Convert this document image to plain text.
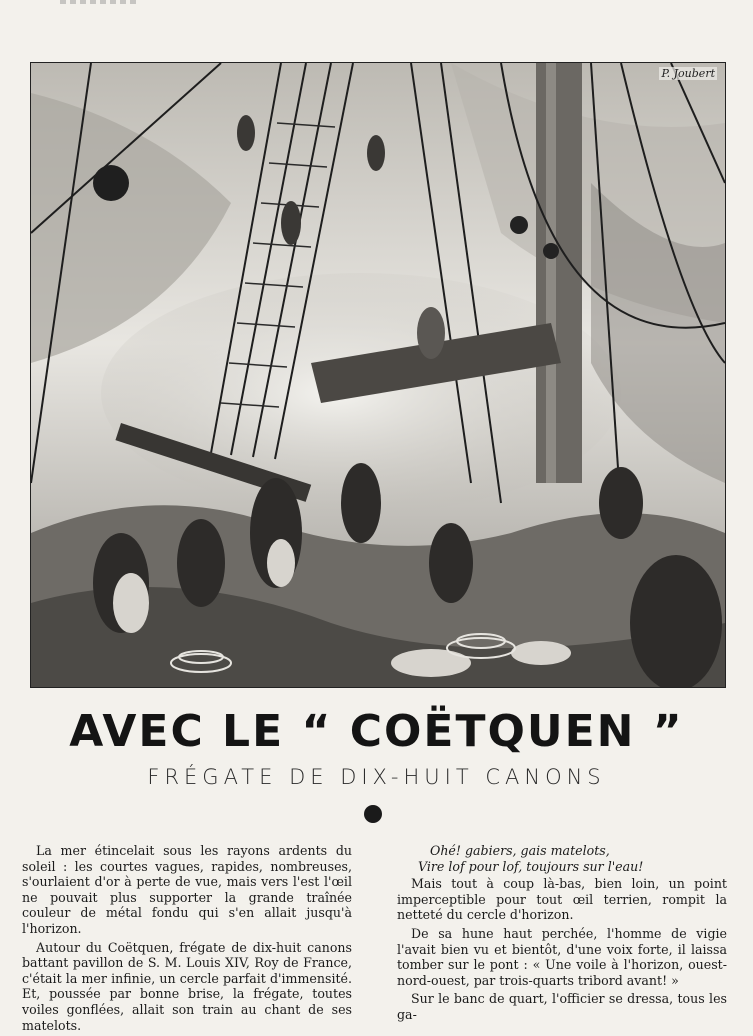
P. Joubert
AVEC LE “ COËTQUEN ”
FRÉGATE DE DIX-HUIT CANONS

La mer étincelait sous les rayons ardents du soleil : les courtes vagues, rapides, nombreuses, s'ourlaient d'or à perte de vue, mais vers l'est l'œil ne pouvait plus supporter la grande traînée couleur de métal fondu qui s'en allait jusqu'à l'horizon.

Autour du Coëtquen, frégate de dix-huit canons battant pavillon de S. M. Louis XIV, Roy de France, c'était la mer infinie, un cercle parfait d'immensité. Et, poussée par bonne brise, la frégate, toutes voiles gonflées, allait son train au chant de ses matelots.

Ohé! gabiers, gais matelots,
Vire lof pour lof, toujours sur l'eau!

Mais tout à coup là-bas, bien loin, un point imperceptible pour tout œil terrien, rompit la netteté du cercle d'horizon.

De sa hune haut perchée, l'homme de vigie l'avait bien vu et bientôt, d'une voix forte, il laissa tomber sur le pont : « Une voile à l'horizon, ouest-nord-ouest, par trois-quarts tribord avant! »

Sur le banc de quart, l'officier se dressa, tous les ga-
